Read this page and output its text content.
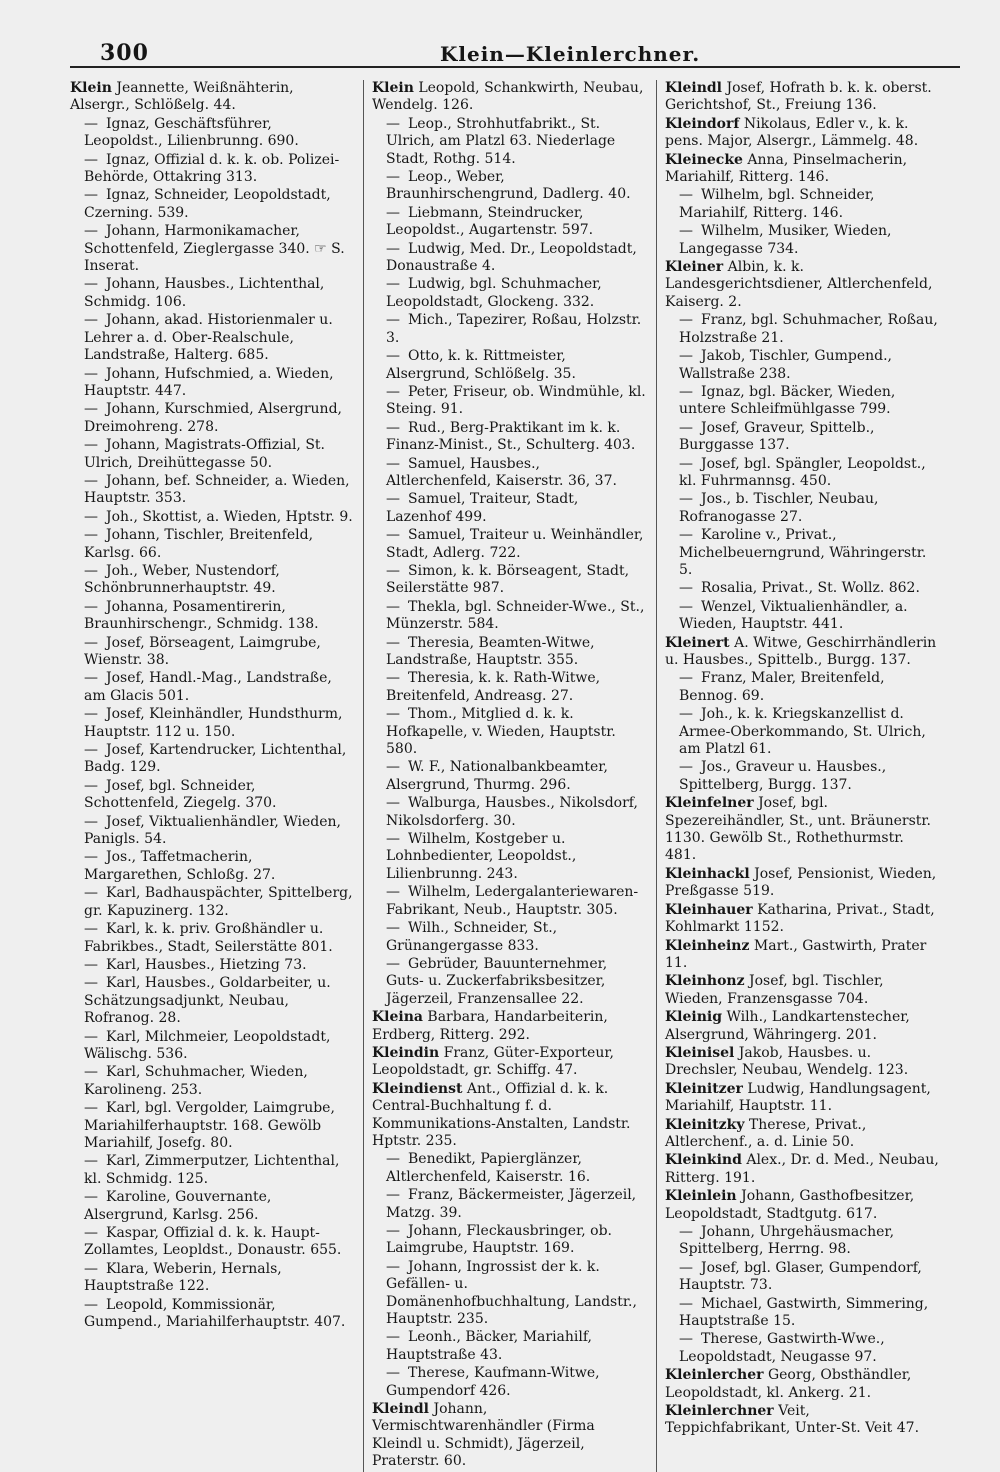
300	Klein—Kleinlerchner.
Klein Jeannette, Weißnähterin, Alsergr., Schlößelg. 44.
— Ignaz, Geschäftsführer, Leopoldst., Lilienbrunng. 690.
— Ignaz, Offizial d. k. k. ob. Polizei-Behörde, Ottakring 313.
— Ignaz, Schneider, Leopoldstadt, Czerning. 539.
— Johann, Harmonikamacher, Schottenfeld, Zieglergasse 340. ☞ S. Inserat.
— Johann, Hausbes., Lichtenthal, Schmidg. 106.
— Johann, akad. Historienmaler u. Lehrer a. d. Ober-Realschule, Landstraße, Halterg. 685.
— Johann, Hufschmied, a. Wieden, Hauptstr. 447.
— Johann, Kurschmied, Alsergrund, Dreimohreng. 278.
— Johann, Magistrats-Offizial, St. Ulrich, Dreihüttegasse 50.
— Johann, bef. Schneider, a. Wieden, Hauptstr. 353.
— Joh., Skottist, a. Wieden, Hptstr. 9.
— Johann, Tischler, Breitenfeld, Karlsg. 66.
— Joh., Weber, Nustendorf, Schönbrunnerhauptstr. 49.
— Johanna, Posamentirerin, Braunhirschengr., Schmidg. 138.
— Josef, Börseagent, Laimgrube, Wienstr. 38.
— Josef, Handl.-Mag., Landstraße, am Glacis 501.
— Josef, Kleinhändler, Hundsthurm, Hauptstr. 112 u. 150.
— Josef, Kartendrucker, Lichtenthal, Badg. 129.
— Josef, bgl. Schneider, Schottenfeld, Ziegelg. 370.
— Josef, Viktualienhändler, Wieden, Panigls. 54.
— Jos., Taffetmacherin, Margarethen, Schloßg. 27.
— Karl, Badhauspächter, Spittelberg, gr. Kapuzinerg. 132.
— Karl, k. k. priv. Großhändler u. Fabrikbes., Stadt, Seilerstätte 801.
— Karl, Hausbes., Hietzing 73.
— Karl, Hausbes., Goldarbeiter, u. Schätzungsadjunkt, Neubau, Rofranog. 28.
— Karl, Milchmeier, Leopoldstadt, Wälischg. 536.
— Karl, Schuhmacher, Wieden, Karolineng. 253.
— Karl, bgl. Vergolder, Laimgrube, Mariahilferhauptstr. 168. Gewölb Mariahilf, Josefg. 80.
— Karl, Zimmerputzer, Lichtenthal, kl. Schmidg. 125.
— Karoline, Gouvernante, Alsergrund, Karlsg. 256.
— Kaspar, Offizial d. k. k. Haupt-Zollamtes, Leopldst., Donaustr. 655.
— Klara, Weberin, Hernals, Hauptstraße 122.
— Leopold, Kommissionär, Gumpend., Mariahilferhauptstr. 407.
Klein Leopold, Schankwirth, Neubau, Wendelg. 126.
— Leop., Strohhutfabrikt., St. Ulrich, am Platzl 63. Niederlage Stadt, Rothg. 514.
— Leop., Weber, Braunhirschengrund, Dadlerg. 40.
— Liebmann, Steindrucker, Leopoldst., Augartenstr. 597.
— Ludwig, Med. Dr., Leopoldstadt, Donaustraße 4.
— Ludwig, bgl. Schuhmacher, Leopoldstadt, Glockeng. 332.
— Mich., Tapezirer, Roßau, Holzstr. 3.
— Otto, k. k. Rittmeister, Alsergrund, Schlößelg. 35.
— Peter, Friseur, ob. Windmühle, kl. Steing. 91.
— Rud., Berg-Praktikant im k. k. Finanz-Minist., St., Schulterg. 403.
— Samuel, Hausbes., Altlerchenfeld, Kaiserstr. 36, 37.
— Samuel, Traiteur, Stadt, Lazenhof 499.
— Samuel, Traiteur u. Weinhändler, Stadt, Adlerg. 722.
— Simon, k. k. Börseagent, Stadt, Seilerstätte 987.
— Thekla, bgl. Schneider-Wwe., St., Münzerstr. 584.
— Theresia, Beamten-Witwe, Landstraße, Hauptstr. 355.
— Theresia, k. k. Rath-Witwe, Breitenfeld, Andreasg. 27.
— Thom., Mitglied d. k. k. Hofkapelle, v. Wieden, Hauptstr. 580.
— W. F., Nationalbankbeamter, Alsergrund, Thurmg. 296.
— Walburga, Hausbes., Nikolsdorf, Nikolsdorferg. 30.
— Wilhelm, Kostgeber u. Lohnbedienter, Leopoldst., Lilienbrunng. 243.
— Wilhelm, Ledergalanteriewaren-Fabrikant, Neub., Hauptstr. 305.
— Wilh., Schneider, St., Grünangergasse 833.
— Gebrüder, Bauunternehmer, Guts- u. Zuckerfabriksbesitzer, Jägerzeil, Franzensallee 22.
Kleina Barbara, Handarbeiterin, Erdberg, Ritterg. 292.
Kleindin Franz, Güter-Exporteur, Leopoldstadt, gr. Schiffg. 47.
Kleindienst Ant., Offizial d. k. k. Central-Buchhaltung f. d. Kommunikations-Anstalten, Landstr. Hptstr. 235.
— Benedikt, Papierglänzer, Altlerchenfeld, Kaiserstr. 16.
— Franz, Bäckermeister, Jägerzeil, Matzg. 39.
— Johann, Fleckausbringer, ob. Laimgrube, Hauptstr. 169.
— Johann, Ingrossist der k. k. Gefällen- u. Domänenhofbuchhaltung, Landstr., Hauptstr. 235.
— Leonh., Bäcker, Mariahilf, Hauptstraße 43.
— Therese, Kaufmann-Witwe, Gumpendorf 426.
Kleindl Johann, Vermischtwarenhändler (Firma Kleindl u. Schmidt), Jägerzeil, Praterstr. 60.
Kleindl Josef, Hofrath b. k. k. oberst. Gerichtshof, St., Freiung 136.
Kleindorf Nikolaus, Edler v., k. k. pens. Major, Alsergr., Lämmelg. 48.
Kleinecke Anna, Pinselmacherin, Mariahilf, Ritterg. 146.
— Wilhelm, bgl. Schneider, Mariahilf, Ritterg. 146.
— Wilhelm, Musiker, Wieden, Langegasse 734.
Kleiner Albin, k. k. Landesgerichtsdiener, Altlerchenfeld, Kaiserg. 2.
— Franz, bgl. Schuhmacher, Roßau, Holzstraße 21.
— Jakob, Tischler, Gumpend., Wallstraße 238.
— Ignaz, bgl. Bäcker, Wieden, untere Schleifmühlgasse 799.
— Josef, Graveur, Spittelb., Burggasse 137.
— Josef, bgl. Spängler, Leopoldst., kl. Fuhrmannsg. 450.
— Jos., b. Tischler, Neubau, Rofranogasse 27.
— Karoline v., Privat., Michelbeuerngrund, Währingerstr. 5.
— Rosalia, Privat., St. Wollz. 862.
— Wenzel, Viktualienhändler, a. Wieden, Hauptstr. 441.
Kleinert A. Witwe, Geschirrhändlerin u. Hausbes., Spittelb., Burgg. 137.
— Franz, Maler, Breitenfeld, Bennog. 69.
— Joh., k. k. Kriegskanzellist d. Armee-Oberkommando, St. Ulrich, am Platzl 61.
— Jos., Graveur u. Hausbes., Spittelberg, Burgg. 137.
Kleinfelner Josef, bgl. Spezereihändler, St., unt. Bräunerstr. 1130. Gewölb St., Rothethurmstr. 481.
Kleinhackl Josef, Pensionist, Wieden, Preßgasse 519.
Kleinhauer Katharina, Privat., Stadt, Kohlmarkt 1152.
Kleinheinz Mart., Gastwirth, Prater 11.
Kleinhonz Josef, bgl. Tischler, Wieden, Franzensgasse 704.
Kleinig Wilh., Landkartenstecher, Alsergrund, Währingerg. 201.
Kleinisel Jakob, Hausbes. u. Drechsler, Neubau, Wendelg. 123.
Kleinitzer Ludwig, Handlungsagent, Mariahilf, Hauptstr. 11.
Kleinitzky Therese, Privat., Altlerchenf., a. d. Linie 50.
Kleinkind Alex., Dr. d. Med., Neubau, Ritterg. 191.
Kleinlein Johann, Gasthofbesitzer, Leopoldstadt, Stadtgutg. 617.
— Johann, Uhrgehäusmacher, Spittelberg, Herrng. 98.
— Josef, bgl. Glaser, Gumpendorf, Hauptstr. 73.
— Michael, Gastwirth, Simmering, Hauptstraße 15.
— Therese, Gastwirth-Wwe., Leopoldstadt, Neugasse 97.
Kleinlercher Georg, Obsthändler, Leopoldstadt, kl. Ankerg. 21.
Kleinlerchner Veit, Teppichfabrikant, Unter-St. Veit 47.
